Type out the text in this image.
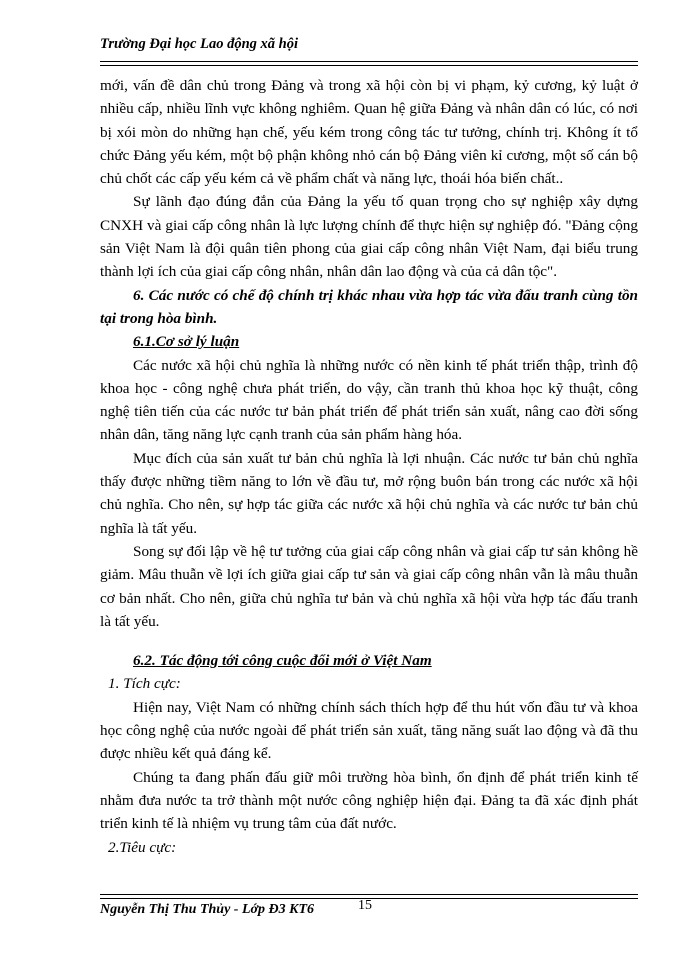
Trường Đại học Lao động xã hội

mới, vấn đề dân chủ trong Đảng và trong xã hội còn bị vi phạm, kỷ cương, kỷ luật ở nhiều cấp, nhiều lĩnh vực không nghiêm. Quan hệ giữa Đảng và nhân dân có lúc, có nơi bị xói mòn do những hạn chế, yếu kém trong công tác tư tưởng, chính trị. Không ít tổ chức Đảng yếu kém, một bộ phận không nhỏ cán bộ Đảng viên kỉ cương, một số cán bộ chủ chốt các cấp yếu kém cả về phẩm chất và năng lực, thoái hóa biến chất..

Sự lãnh đạo đúng đắn của Đảng la yếu tố quan trọng cho sự nghiệp xây dựng CNXH và giai cấp công nhân là lực lượng chính để thực hiện sự nghiệp đó. "Đảng cộng sản Việt Nam là đội quân tiên phong của giai cấp công nhân Việt Nam, đại biểu trung thành lợi ích của giai cấp công nhân, nhân dân lao động và của cả dân tộc".

6. Các nước có chế độ chính trị khác nhau vừa hợp tác vừa đấu tranh cùng tồn tại trong hòa bình.

6.1.Cơ sở lý luận

Các nước xã hội chủ nghĩa là những nước có nền kinh tế phát triển thập, trình độ khoa học - công nghệ chưa phát triển, do vậy, cần tranh thủ khoa học kỹ thuật, công nghệ tiên tiến của các nước tư bản phát triển để phát triển sản xuất, nâng cao đời sống nhân dân, tăng năng lực cạnh tranh của sản phẩm hàng hóa.

Mục đích của sản xuất tư bản chủ nghĩa là lợi nhuận. Các nước tư bản chủ nghĩa thấy được những tiềm năng to lớn về đầu tư, mở rộng buôn bán trong các nước xã hội chủ nghĩa. Cho nên, sự hợp tác giữa các nước xã hội chủ nghĩa và các nước tư bản chủ nghĩa là tất yếu.

Song sự đối lập về hệ tư tưởng của giai cấp công nhân và giai cấp tư sản không hề giảm. Mâu thuẫn về lợi ích giữa giai cấp tư sản và giai cấp công nhân vẫn là mâu thuẫn cơ bản nhất. Cho nên, giữa chủ nghĩa tư bản và chủ nghĩa xã hội vừa hợp tác đấu tranh là tất yếu.

6.2. Tác động tới công cuộc đổi mới ở Việt Nam

1. Tích cực:

Hiện nay, Việt Nam có những chính sách thích hợp để thu hút vốn đầu tư và khoa học công nghệ của nước ngoài để phát triển sản xuất, tăng năng suất lao động và đã thu được nhiều kết quả đáng kể.

Chúng ta đang phấn đấu giữ môi trường hòa bình, ổn định để phát triển kinh tế nhằm đưa nước ta trở thành một nước công nghiệp hiện đại. Đảng ta đã xác định phát triển kinh tế là nhiệm vụ trung tâm của đất nước.

2.Tiêu cực:

Nguyễn Thị Thu Thủy - Lớp Đ3 KT6	15
